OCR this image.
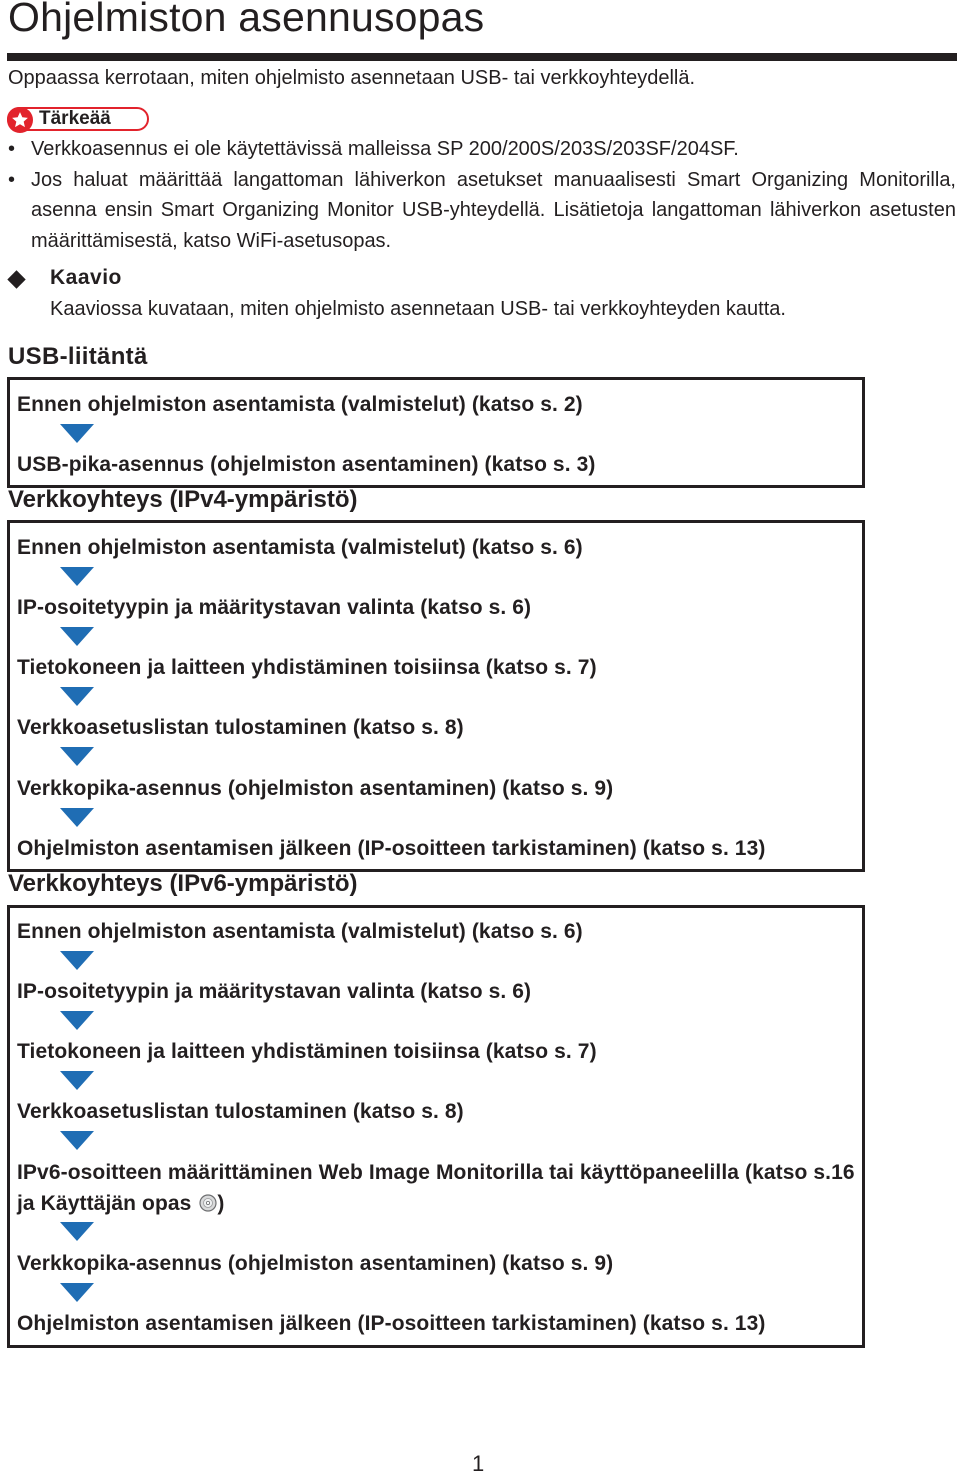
Ohjelmiston asennusopas

Oppaassa kerrotaan, miten ohjelmisto asennetaan USB- tai verkkoyhteydellä.

Tärkeää
• Verkkoasennus ei ole käytettävissä malleissa SP 200/200S/203S/203SF/204SF.
• Jos haluat määrittää langattoman lähiverkon asetukset manuaalisesti Smart Organizing Monitorilla, asenna ensin Smart Organizing Monitor USB-yhteydellä. Lisätietoja langattoman lähiverkon asetusten määrittämisestä, katso WiFi-asetusopas.
Kaavio

Kaaviossa kuvataan, miten ohjelmisto asennetaan USB- tai verkkoyhteyden kautta.

USB-liitäntä
Ennen ohjelmiston asentamista (valmistelut) (katso s. 2)
USB-pika-asennus (ohjelmiston asentaminen) (katso s. 3)
Verkkoyhteys (IPv4-ympäristö)
Ennen ohjelmiston asentamista (valmistelut) (katso s. 6)
IP-osoitetyypin ja määritystavan valinta (katso s. 6)
Tietokoneen ja laitteen yhdistäminen toisiinsa (katso s. 7)
Verkkoasetuslistan tulostaminen (katso s. 8)
Verkkopika-asennus (ohjelmiston asentaminen) (katso s. 9)
Ohjelmiston asentamisen jälkeen (IP-osoitteen tarkistaminen) (katso s. 13)
Verkkoyhteys (IPv6-ympäristö)
Ennen ohjelmiston asentamista (valmistelut) (katso s. 6)
IP-osoitetyypin ja määritystavan valinta (katso s. 6)
Tietokoneen ja laitteen yhdistäminen toisiinsa (katso s. 7)
Verkkoasetuslistan tulostaminen (katso s. 8)
IPv6-osoitteen määrittäminen Web Image Monitorilla tai käyttöpaneelilla (katso s.16 ja Käyttäjän opas )
Verkkopika-asennus (ohjelmiston asentaminen) (katso s. 9)
Ohjelmiston asentamisen jälkeen (IP-osoitteen tarkistaminen) (katso s. 13)
1
